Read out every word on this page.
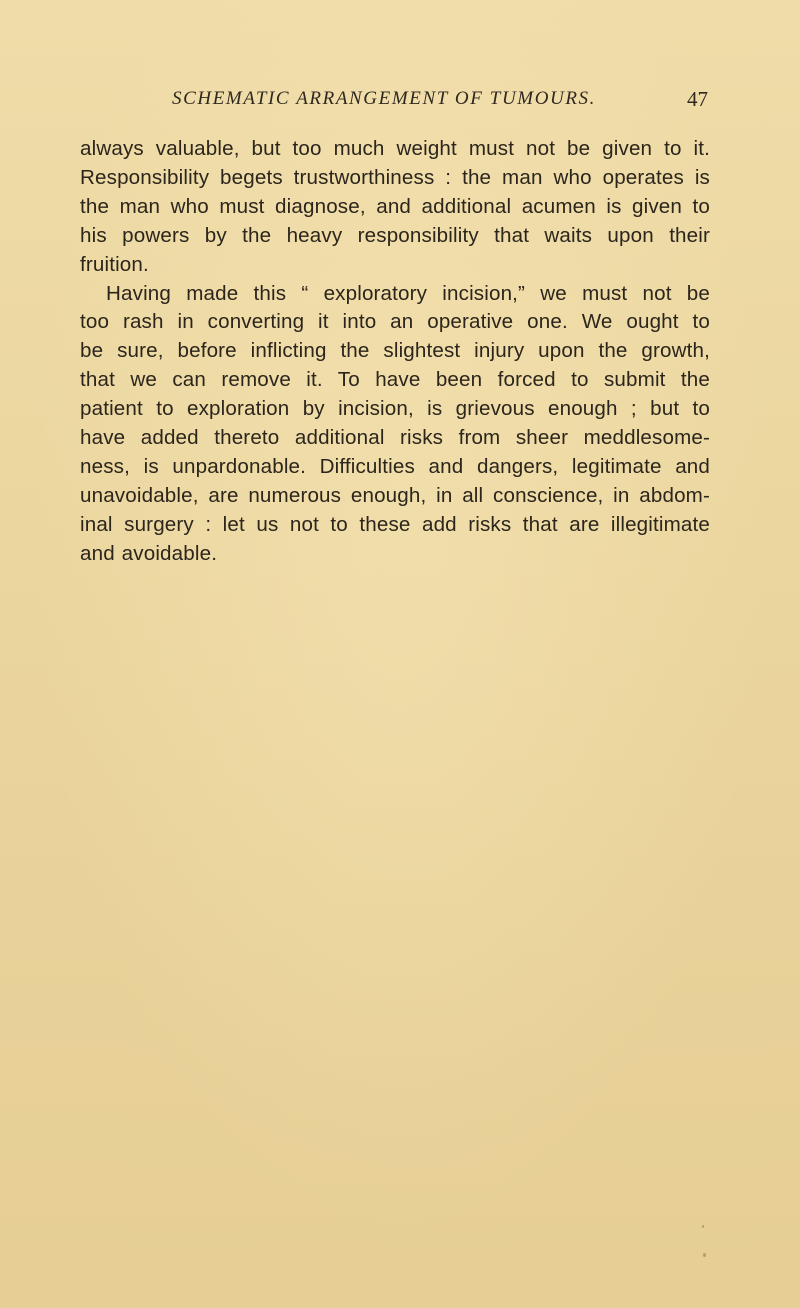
SCHEMATIC ARRANGEMENT OF TUMOURS.	47

always valuable, but too much weight must not be given to it.
Responsibility begets trustworthiness : the man who operates is
the man who must diagnose, and additional acumen is given to
his powers by the heavy responsibility that waits upon their
fruition.

Having made this “ exploratory incision,” we must not be
too rash in converting it into an operative one. We ought to
be sure, before inflicting the slightest injury upon the growth,
that we can remove it. To have been forced to submit the
patient to exploration by incision, is grievous enough ; but to
have added thereto additional risks from sheer meddlesome-
ness, is unpardonable. Difficulties and dangers, legitimate and
unavoidable, are numerous enough, in all conscience, in abdom-
inal surgery : let us not to these add risks that are illegitimate
and avoidable.
